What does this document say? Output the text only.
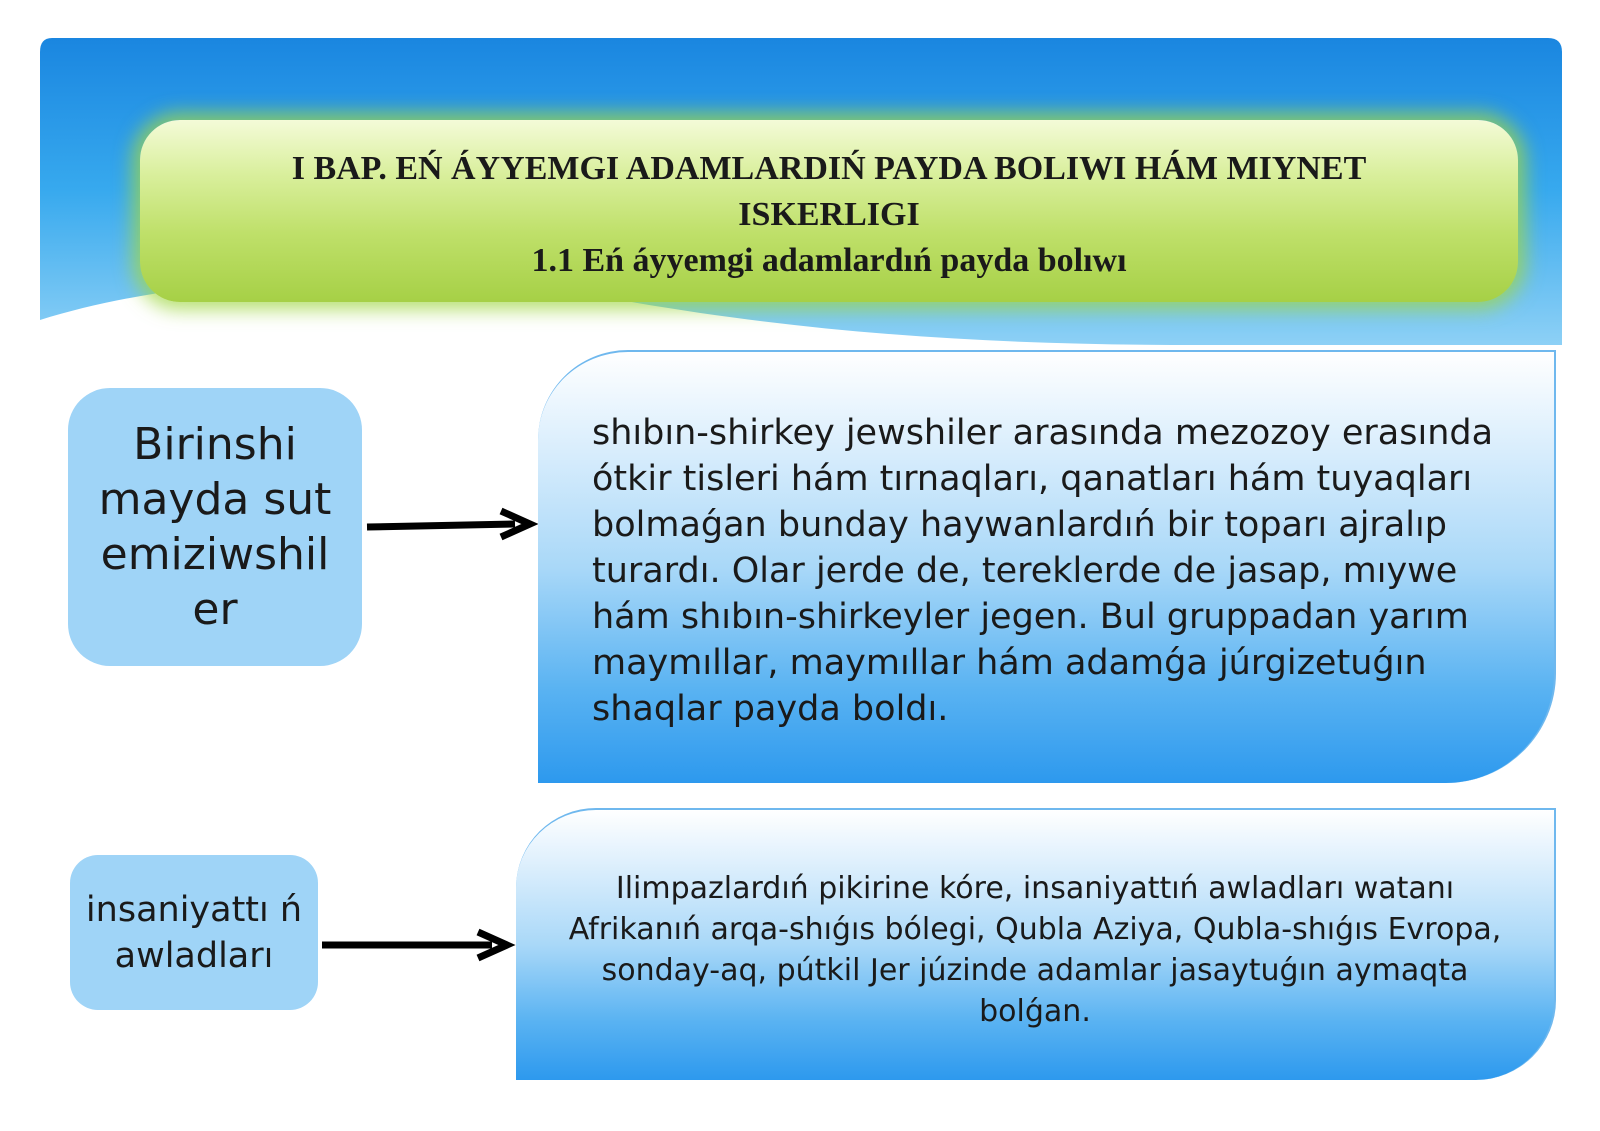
I BAP. EŃ ÁYYEMGI ADAMLARDIŃ PAYDA BOLIWI HÁM MIYNET ISKERLIGI

1.1 Eń áyyemgi adamlardıń payda bolıwı

Birinshi mayda sut emiziwshil er
shıbın-shirkey jewshiler arasında mezozoy erasında ótkir tisleri hám tırnaqları, qanatları hám tuyaqları bolmaǵan bunday haywanlardıń bir toparı ajralıp turardı. Olar jerde de, tereklerde de jasap, mıywe hám shıbın-shirkeyler jegen. Bul gruppadan yarım maymıllar, maymıllar hám adamǵa júrgizetuǵın shaqlar payda boldı.
insaniyattı ń awladları
Ilimpazlardıń pikirine kóre, insaniyattıń awladları watanı Afrikanıń arqa-shıǵıs bólegi, Qubla Aziya, Qubla-shıǵıs Evropa, sonday-aq, pútkil Jer júzinde adamlar jasaytuǵın aymaqta bolǵan.
